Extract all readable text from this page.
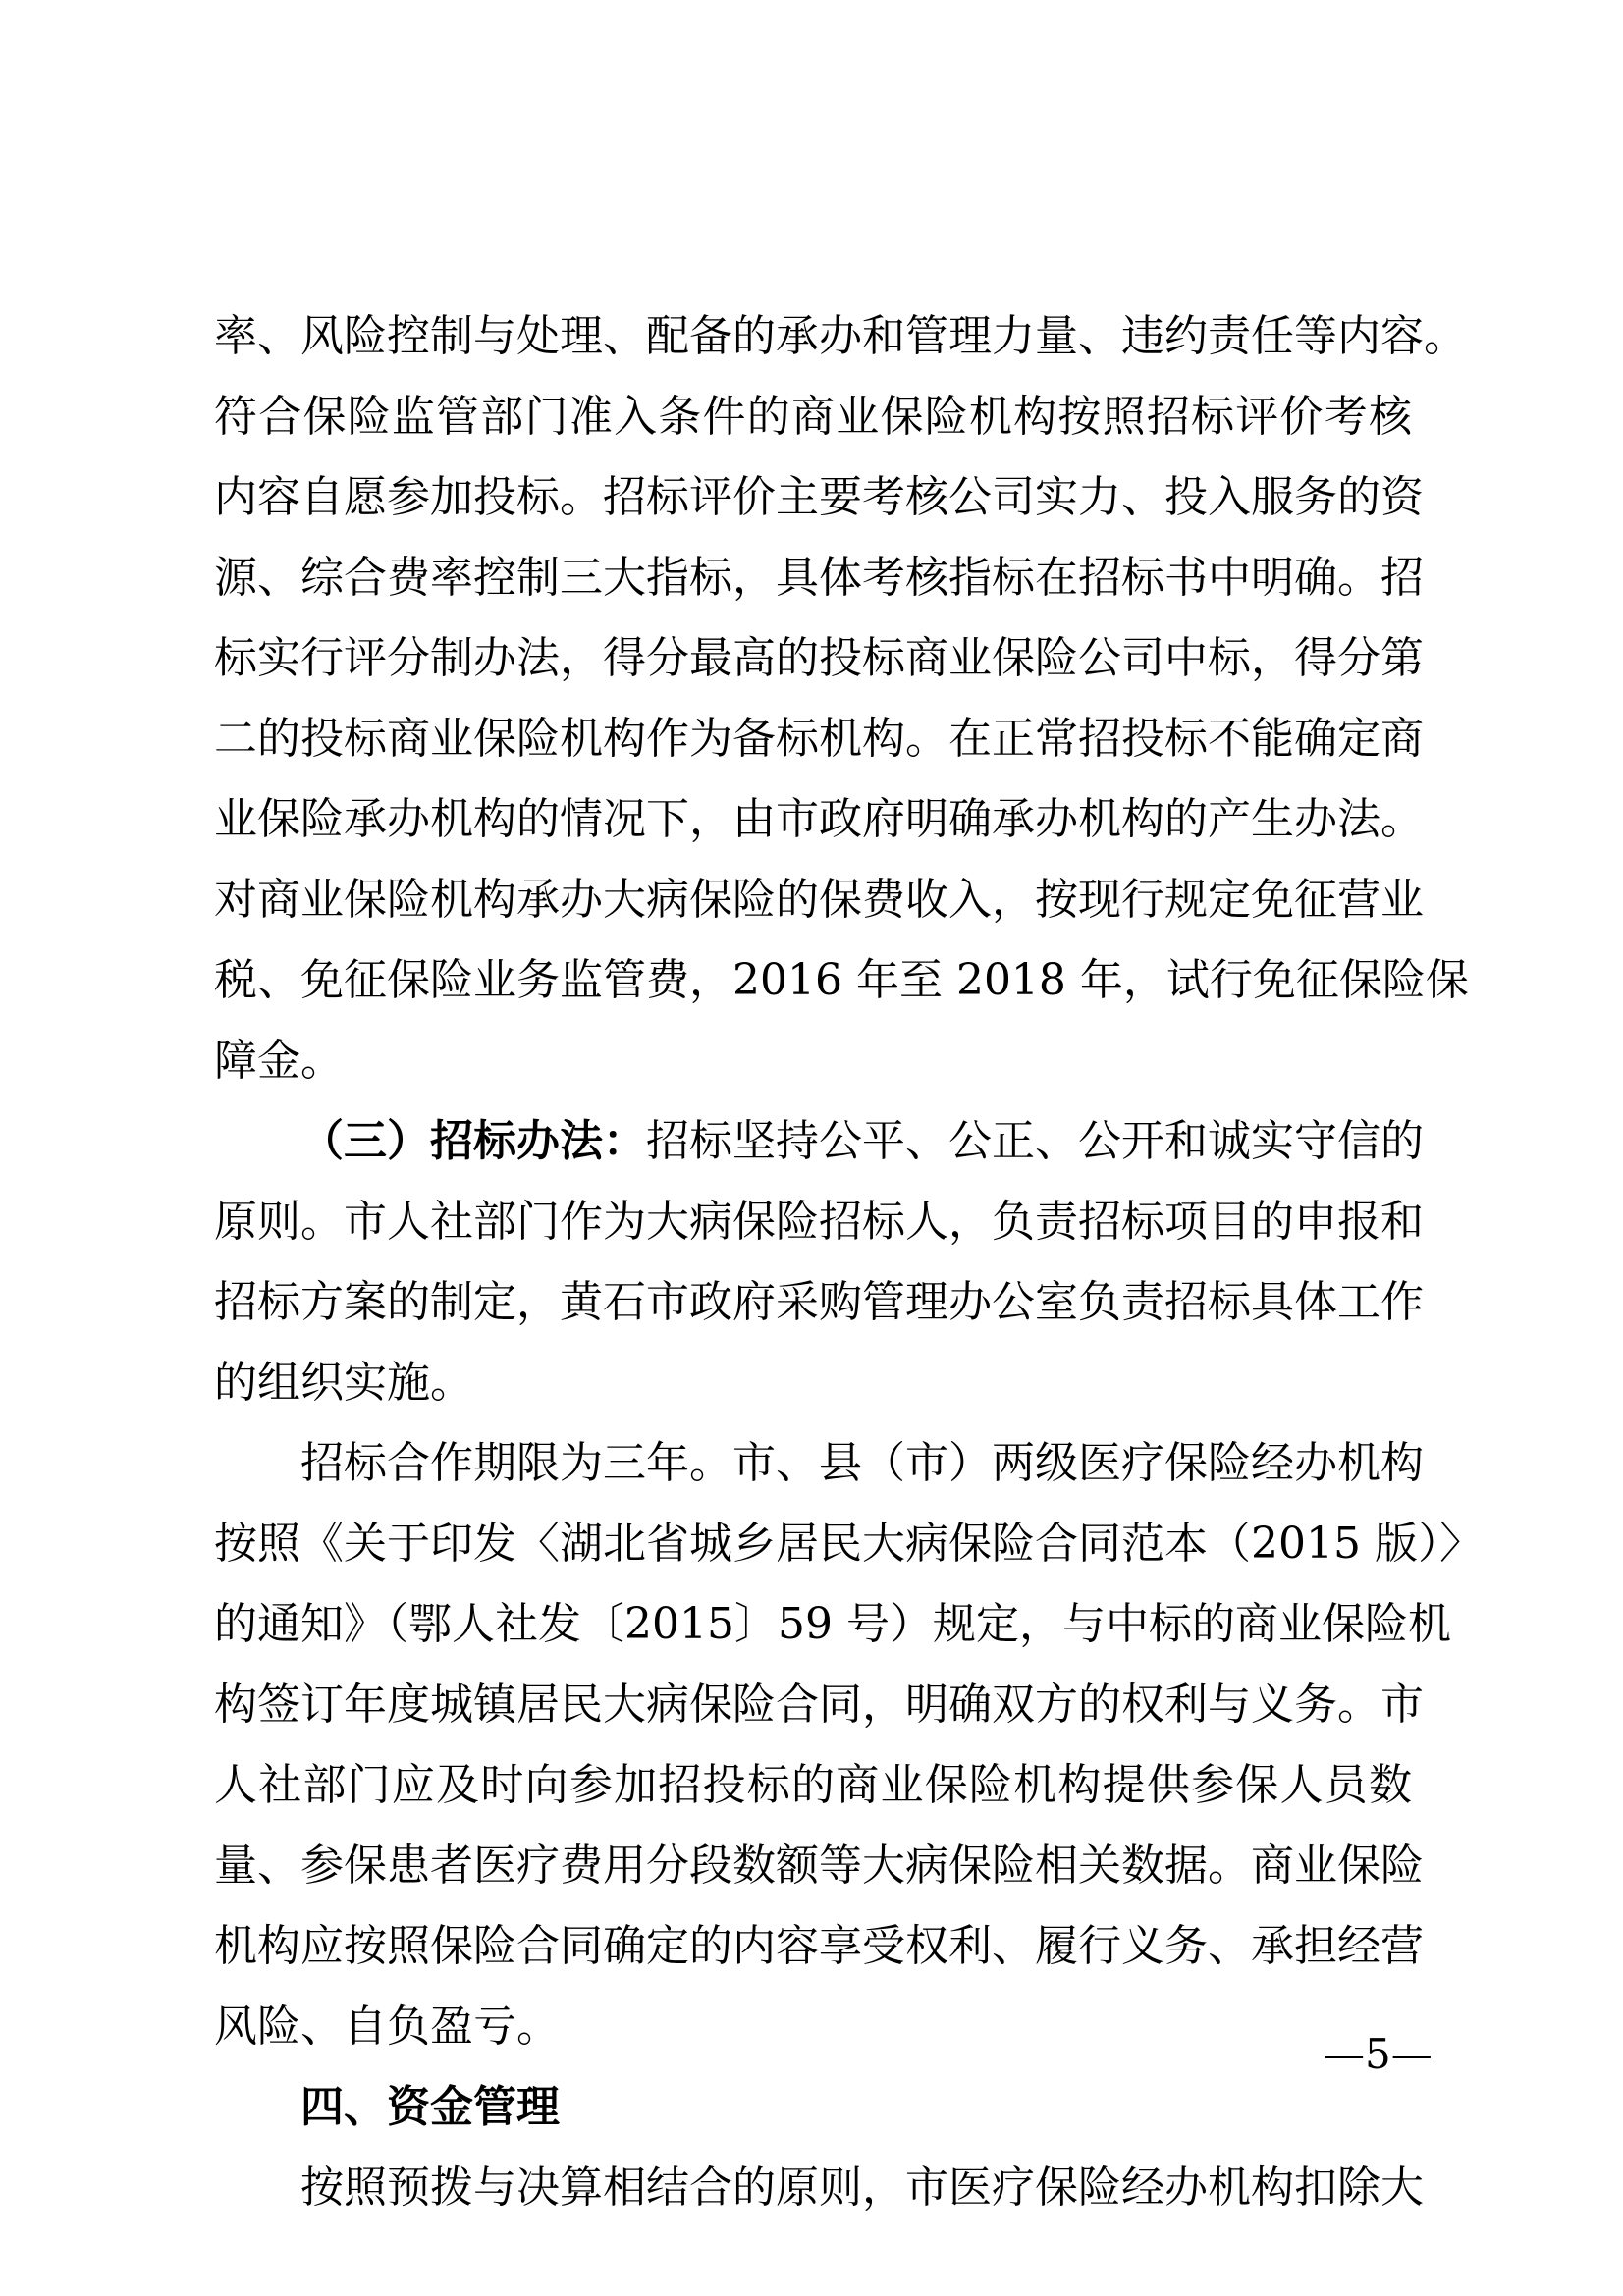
率、风险控制与处理、配备的承办和管理力量、违约责任等内容。
符合保险监管部门准入条件的商业保险机构按照招标评价考核
内容自愿参加投标。招标评价主要考核公司实力、投入服务的资
源、综合费率控制三大指标，具体考核指标在招标书中明确。招
标实行评分制办法，得分最高的投标商业保险公司中标，得分第
二的投标商业保险机构作为备标机构。在正常招投标不能确定商
业保险承办机构的情况下，由市政府明确承办机构的产生办法。
对商业保险机构承办大病保险的保费收入，按现行规定免征营业
税、免征保险业务监管费，2016 年至 2018 年，试行免征保险保
障金。
（三）招标办法：招标坚持公平、公正、公开和诚实守信的
原则。市人社部门作为大病保险招标人，负责招标项目的申报和
招标方案的制定，黄石市政府采购管理办公室负责招标具体工作
的组织实施。
招标合作期限为三年。市、县（市）两级医疗保险经办机构
按照《关于印发〈湖北省城乡居民大病保险合同范本（2015 版）〉
的通知》（鄂人社发〔2015〕59 号）规定，与中标的商业保险机
构签订年度城镇居民大病保险合同，明确双方的权利与义务。市
人社部门应及时向参加招投标的商业保险机构提供参保人员数
量、参保患者医疗费用分段数额等大病保险相关数据。商业保险
机构应按照保险合同确定的内容享受权利、履行义务、承担经营
风险、自负盈亏。
四、资金管理
按照预拨与决算相结合的原则，市医疗保险经办机构扣除大
—5—
